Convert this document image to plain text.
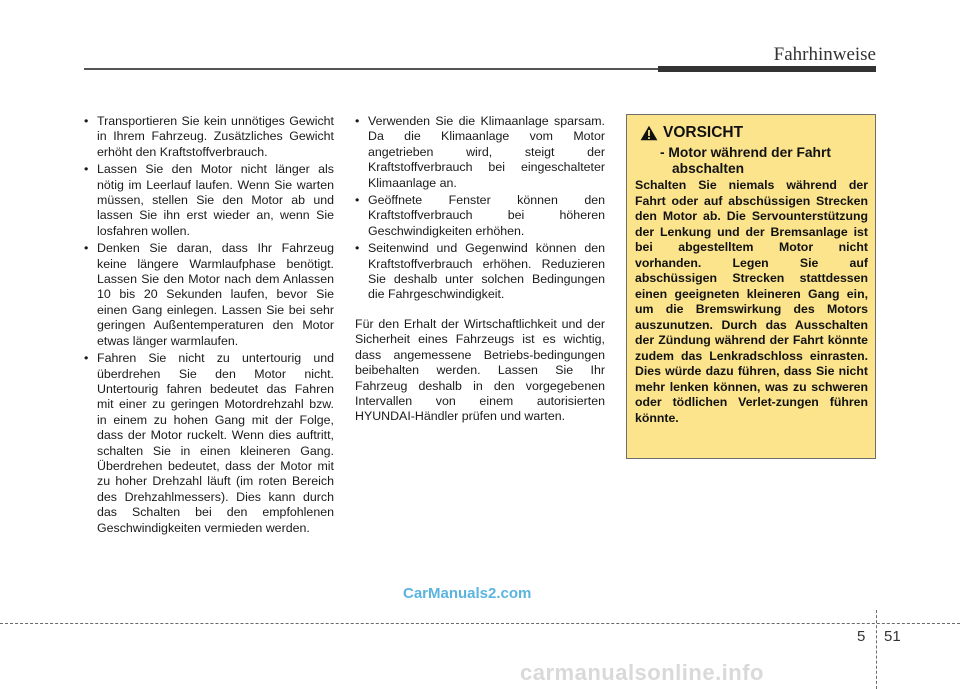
Fahrhinweise
• Transportieren Sie kein unnötiges Gewicht in Ihrem Fahrzeug. Zusätzliches Gewicht erhöht den Kraftstoffverbrauch.
• Lassen Sie den Motor nicht länger als nötig im Leerlauf laufen. Wenn Sie warten müssen, stellen Sie den Motor ab und lassen Sie ihn erst wieder an, wenn Sie losfahren wollen.
• Denken Sie daran, dass Ihr Fahrzeug keine längere Warmlaufphase benötigt. Lassen Sie den Motor nach dem Anlassen 10 bis 20 Sekunden laufen, bevor Sie einen Gang einlegen. Lassen Sie bei sehr geringen Außentemperaturen den Motor etwas länger warmlaufen.
• Fahren Sie nicht zu untertourig und überdrehen Sie den Motor nicht. Untertourig fahren bedeutet das Fahren mit einer zu geringen Motordrehzahl bzw. in einem zu hohen Gang mit der Folge, dass der Motor ruckelt. Wenn dies auftritt, schalten Sie in einen kleineren Gang. Überdrehen bedeutet, dass der Motor mit zu hoher Drehzahl läuft (im roten Bereich des Drehzahlmessers). Dies kann durch das Schalten bei den empfohlenen Geschwindigkeiten vermieden werden.
• Verwenden Sie die Klimaanlage sparsam. Da die Klimaanlage vom Motor angetrieben wird, steigt der Kraftstoffverbrauch bei eingeschalteter Klimaanlage an.
• Geöffnete Fenster können den Kraftstoffverbrauch bei höheren Geschwindigkeiten erhöhen.
• Seitenwind und Gegenwind können den Kraftstoffverbrauch erhöhen. Reduzieren Sie deshalb unter solchen Bedingungen die Fahrgeschwindigkeit.

Für den Erhalt der Wirtschaftlichkeit und der Sicherheit eines Fahrzeugs ist es wichtig, dass angemessene Betriebs-bedingungen beibehalten werden. Lassen Sie Ihr Fahrzeug deshalb in den vorgegebenen Intervallen von einem autorisierten HYUNDAI-Händler prüfen und warten.

VORSICHT
- Motor während der Fahrt abschalten
Schalten Sie niemals während der Fahrt oder auf abschüssigen Strecken den Motor ab. Die Servounterstützung der Lenkung und der Bremsanlage ist bei abgestelltem Motor nicht vorhanden. Legen Sie auf abschüssigen Strecken stattdessen einen geeigneten kleineren Gang ein, um die Bremswirkung des Motors auszunutzen. Durch das Ausschalten der Zündung während der Fahrt könnte zudem das Lenkradschloss einrasten. Dies würde dazu führen, dass Sie nicht mehr lenken können, was zu schweren oder tödlichen Verlet-zungen führen könnte.
CarManuals2.com
5 51
carmanualsonline.info
